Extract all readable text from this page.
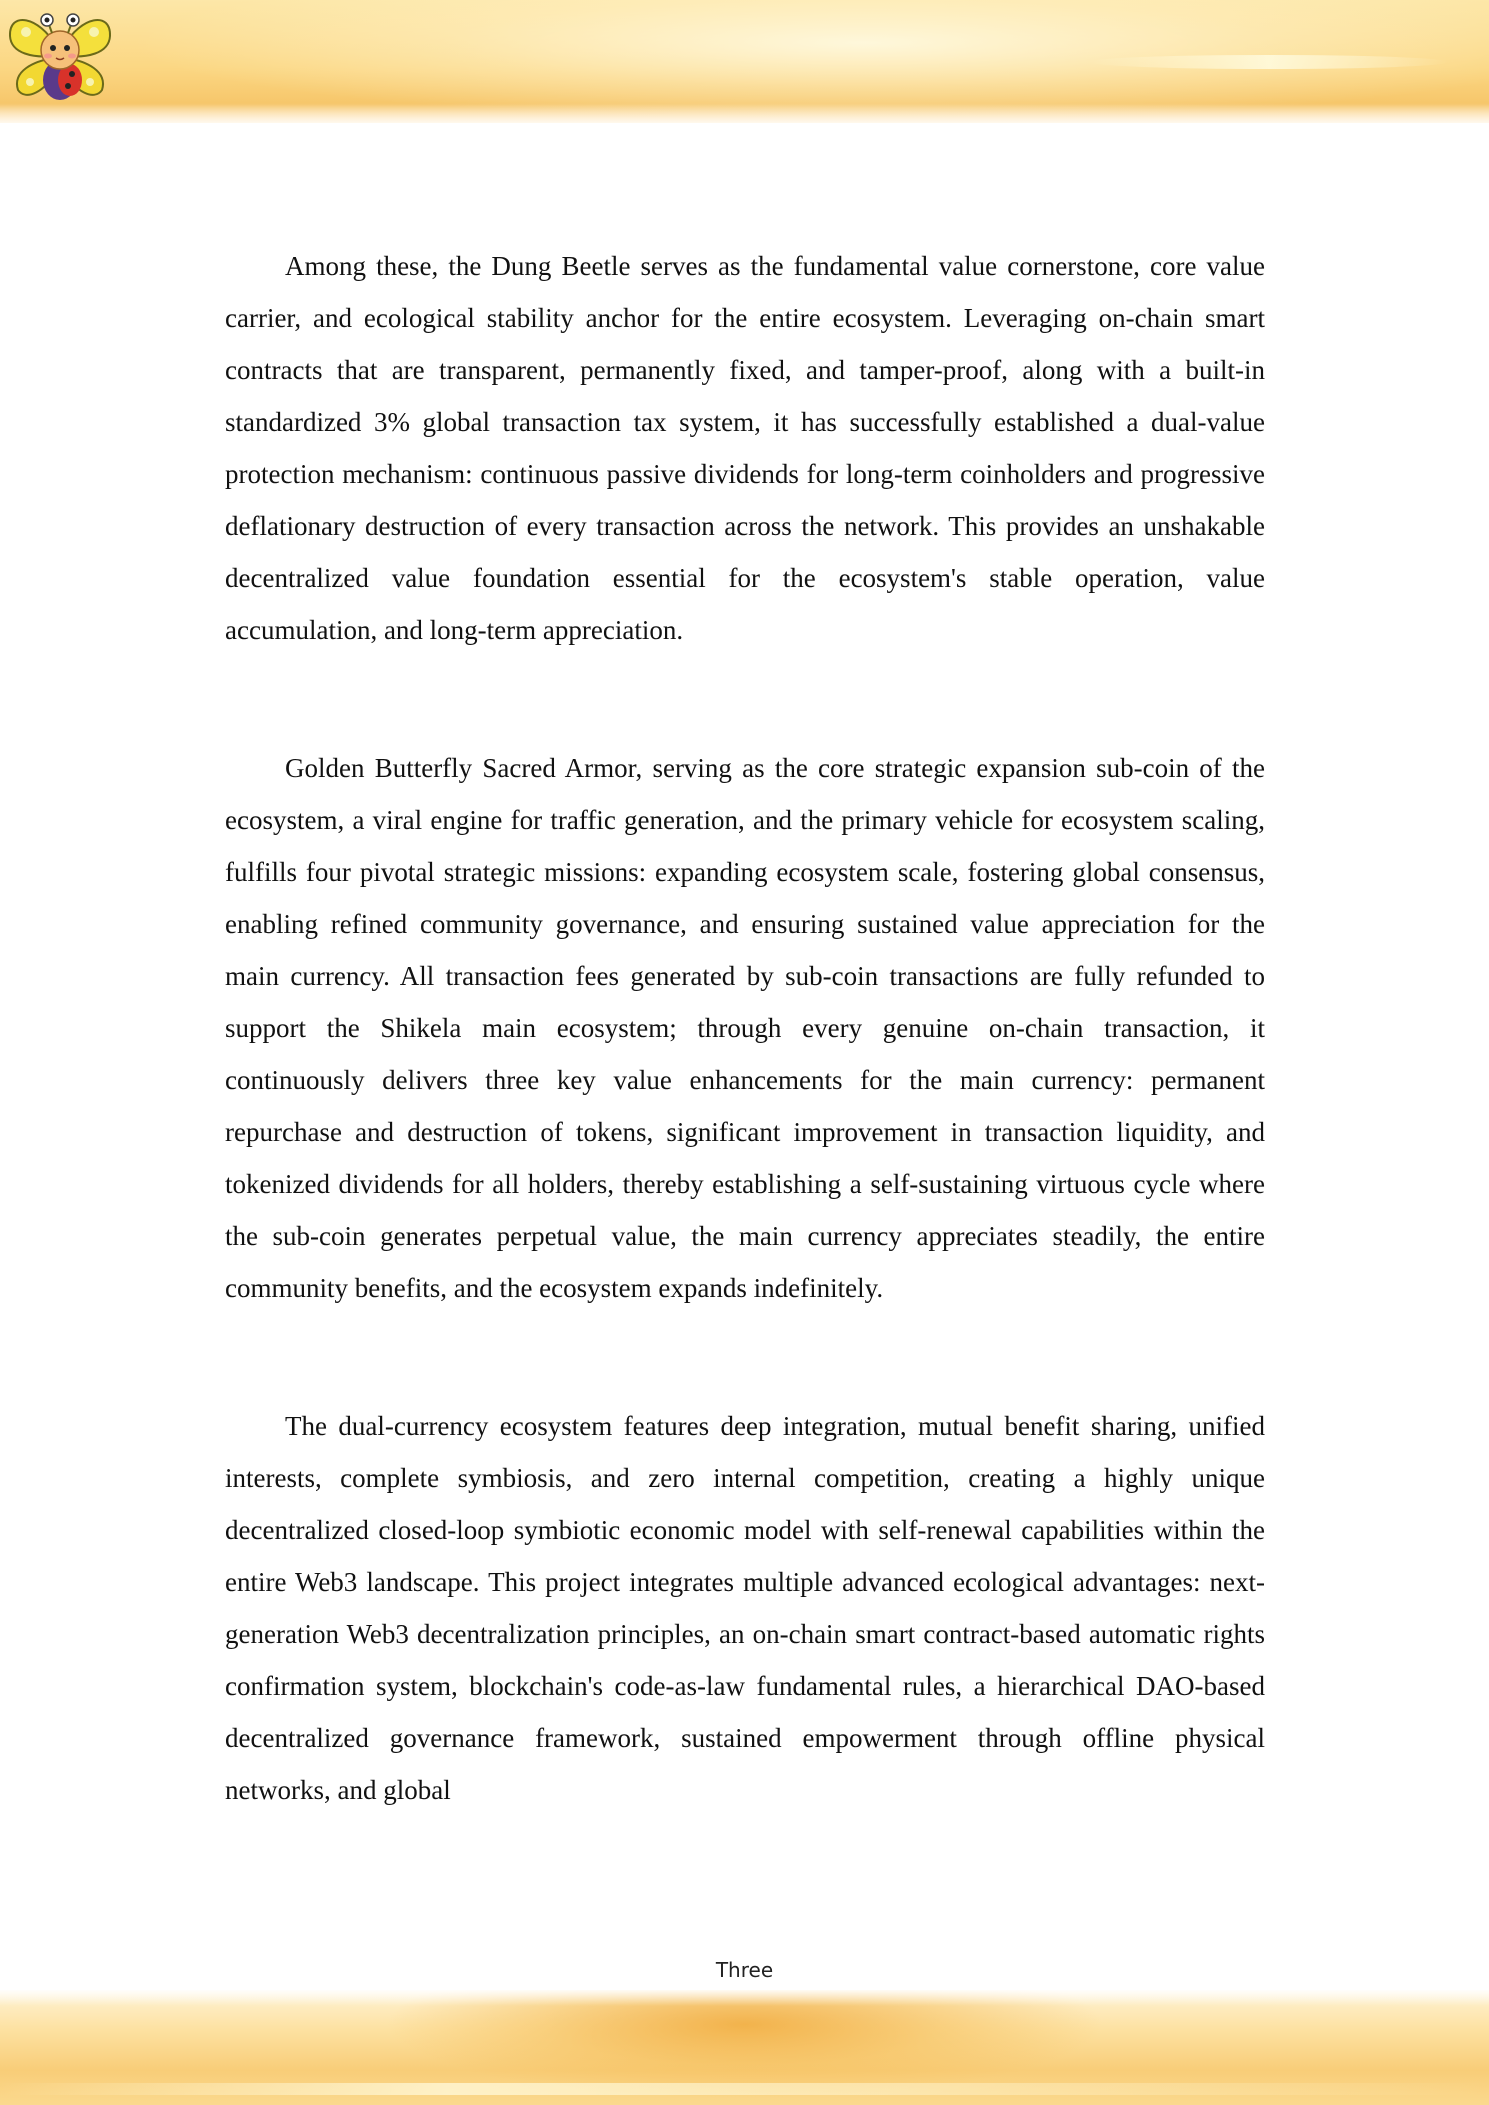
Among these, the Dung Beetle serves as the fundamental value cornerstone, core value carrier, and ecological stability anchor for the entire ecosystem. Leveraging on-chain smart contracts that are transparent, permanently fixed, and tamper-proof, along with a built-in standardized 3% global transaction tax system, it has successfully established a dual-value protection mechanism: continuous passive dividends for long-term coinholders and progressive deflationary destruction of every transaction across the network. This provides an unshakable decentralized value foundation essential for the ecosystem's stable operation, value accumulation, and long-term appreciation.

Golden Butterfly Sacred Armor, serving as the core strategic expansion sub-coin of the ecosystem, a viral engine for traffic generation, and the primary vehicle for ecosystem scaling, fulfills four pivotal strategic missions: expanding ecosystem scale, fostering global consensus, enabling refined community governance, and ensuring sustained value appreciation for the main currency. All transaction fees generated by sub-coin transactions are fully refunded to support the Shikela main ecosystem; through every genuine on-chain transaction, it continuously delivers three key value enhancements for the main currency: permanent repurchase and destruction of tokens, significant improvement in transaction liquidity, and tokenized dividends for all holders, thereby establishing a self-sustaining virtuous cycle where the sub-coin generates perpetual value, the main currency appreciates steadily, the entire community benefits, and the ecosystem expands indefinitely.

The dual-currency ecosystem features deep integration, mutual benefit sharing, unified interests, complete symbiosis, and zero internal competition, creating a highly unique decentralized closed-loop symbiotic economic model with self-renewal capabilities within the entire Web3 landscape. This project integrates multiple advanced ecological advantages: next-generation Web3 decentralization principles, an on-chain smart contract-based automatic rights confirmation system, blockchain's code-as-law fundamental rules, a hierarchical DAO-based decentralized governance framework, sustained empowerment through offline physical networks, and global

Three
